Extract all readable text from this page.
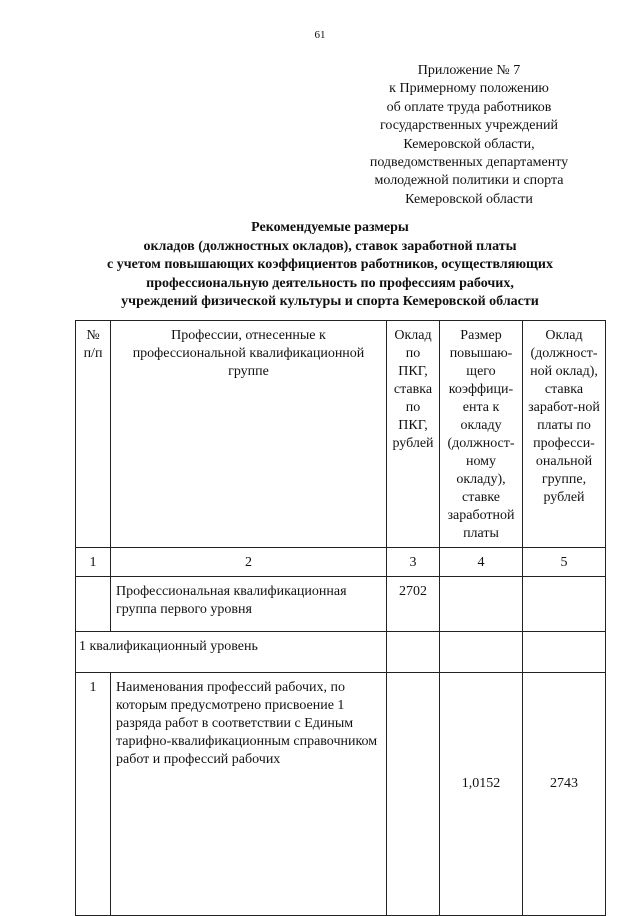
61
Приложение № 7
к Примерному положению
об оплате труда работников
государственных учреждений
Кемеровской области,
подведомственных департаменту
молодежной политики и спорта
Кемеровской области
Рекомендуемые размеры
окладов (должностных окладов), ставок заработной платы
с учетом повышающих коэффициентов работников, осуществляющих
профессиональную деятельность по профессиям рабочих,
учреждений физической культуры и спорта Кемеровской области
№ п/п	Профессии, отнесенные к профессиональной квалификационной группе	Оклад по ПКГ, ставка по ПКГ, рублей	Размер повышаю-щего коэффици-ента к окладу (должност-ному окладу), ставке заработной платы	Оклад (должност-ной оклад), ставка заработ-ной платы по професси-ональной группе, рублей
1	2	3	4	5
	Профессиональная квалификационная группа первого уровня	2702		
1 квалификационный уровень				
1	Наименования профессий рабочих, по которым предусмотрено присвоение 1 разряда работ в соответствии с Единым тарифно-квалификационным справочником работ и профессий рабочих		1,0152	2743
